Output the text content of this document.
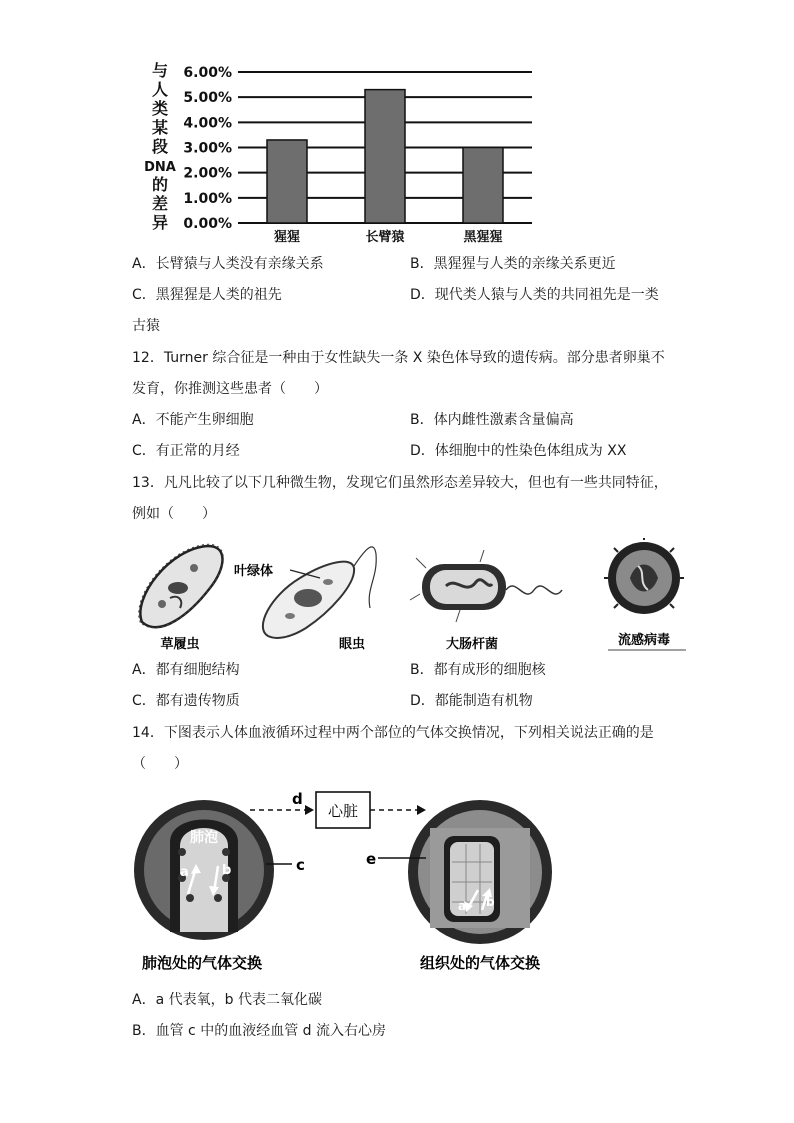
与
人
类
某
段
DNA
的
差
异
6.00%
5.00%
4.00%
3.00%
2.00%
1.00%
0.00%
猩猩	长臂猿	黑猩猩
A．长臂猿与人类没有亲缘关系	B．黑猩猩与人类的亲缘关系更近
C．黑猩猩是人类的祖先	D．现代类人猿与人类的共同祖先是一类
古猿
12．Turner 综合征是一种由于女性缺失一条 X 染色体导致的遗传病。部分患者卵巢不
发育，你推测这些患者（　　）
A．不能产生卵细胞	B．体内雌性激素含量偏高
C．有正常的月经	D．体细胞中的性染色体组成为 XX
13．凡凡比较了以下几种微生物，发现它们虽然形态差异较大，但也有一些共同特征，
例如（　　）
草履虫
叶绿体
眼虫	大肠杆菌	流感病毒
A．都有细胞结构	B．都有成形的细胞核
C．都有遗传物质	D．都能制造有机物
14．下图表示人体血液循环过程中两个部位的气体交换情况，下列相关说法正确的是
（　　）
肺泡
a	b	c
d
心脏
a b
e
肺泡处的气体交换	组织处的气体交换
A．a 代表氧，b 代表二氧化碳
B．血管 c 中的血液经血管 d 流入右心房
